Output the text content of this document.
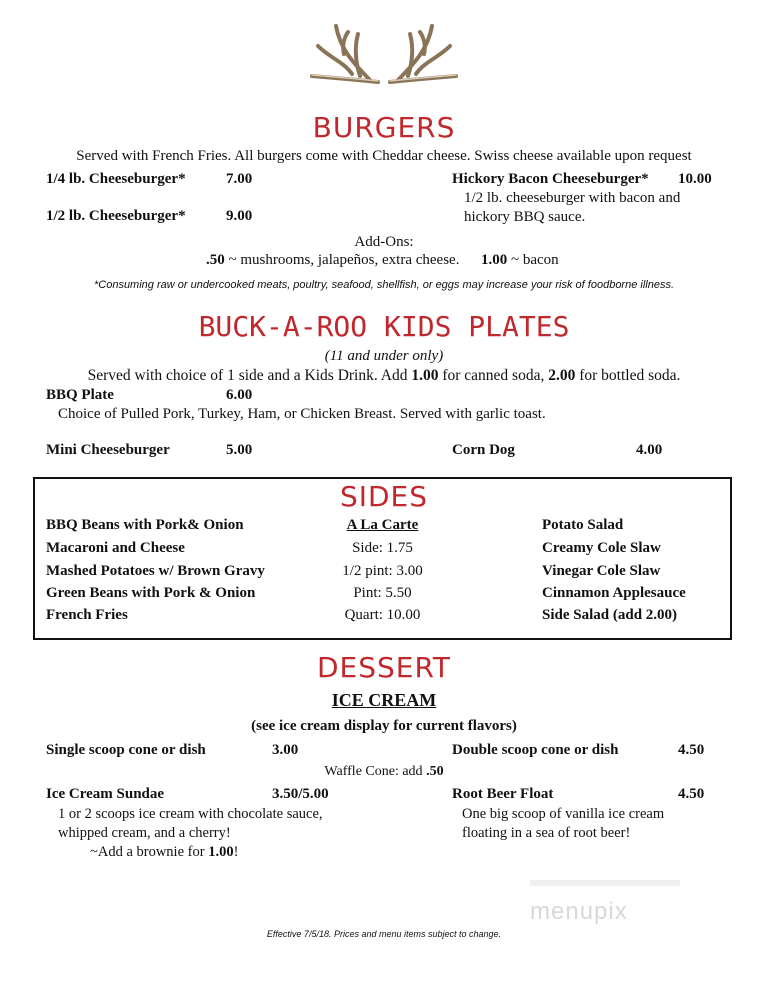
BURGERS
Served with French Fries. All burgers come with Cheddar cheese. Swiss cheese available upon request
1/4 lb. Cheeseburger*	7.00
1/2 lb. Cheeseburger*	9.00
Hickory Bacon Cheeseburger* 10.00
1/2 lb. cheeseburger with bacon and
hickory BBQ sauce.
Add-Ons:
.50 ~ mushrooms, jalapeños, extra cheese. 1.00 ~ bacon
*Consuming raw or undercooked meats, poultry, seafood, shellfish, or eggs may increase your risk of foodborne illness.
BUCK-A-ROO KIDS PLATES
(11 and under only)
Served with choice of 1 side and a Kids Drink. Add 1.00 for canned soda, 2.00 for bottled soda.
BBQ Plate	6.00
Choice of Pulled Pork, Turkey, Ham, or Chicken Breast. Served with garlic toast.
Mini Cheeseburger	5.00	Corn Dog	4.00
SIDES
BBQ Beans with Pork& Onion
Macaroni and Cheese
Mashed Potatoes w/ Brown Gravy
Green Beans with Pork & Onion
French Fries
A La Carte
Side: 1.75
1/2 pint: 3.00
Pint: 5.50
Quart: 10.00
Potato Salad
Creamy Cole Slaw
Vinegar Cole Slaw
Cinnamon Applesauce
Side Salad (add 2.00)
DESSERT
ICE CREAM
(see ice cream display for current flavors)
Single scoop cone or dish	3.00	Double scoop cone or dish	4.50
Waffle Cone: add .50
Ice Cream Sundae	3.50/5.00
1 or 2 scoops ice cream with chocolate sauce,
whipped cream, and a cherry!
~Add a brownie for 1.00!
Root Beer Float	4.50
One big scoop of vanilla ice cream
floating in a sea of root beer!
menupix
Effective 7/5/18. Prices and menu items subject to change.
